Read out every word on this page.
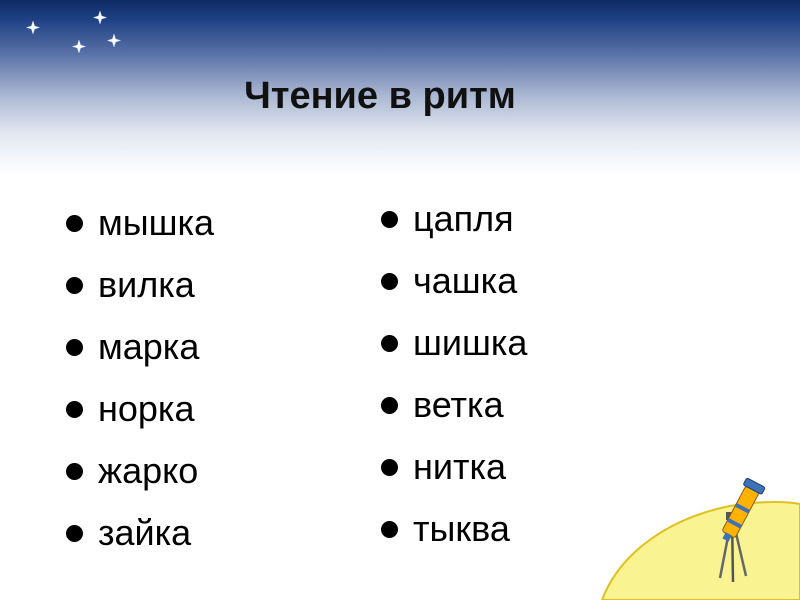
Чтение в ритм
мышка
вилка
марка
норка
жарко
зайка
цапля
чашка
шишка
ветка
нитка
тыква
